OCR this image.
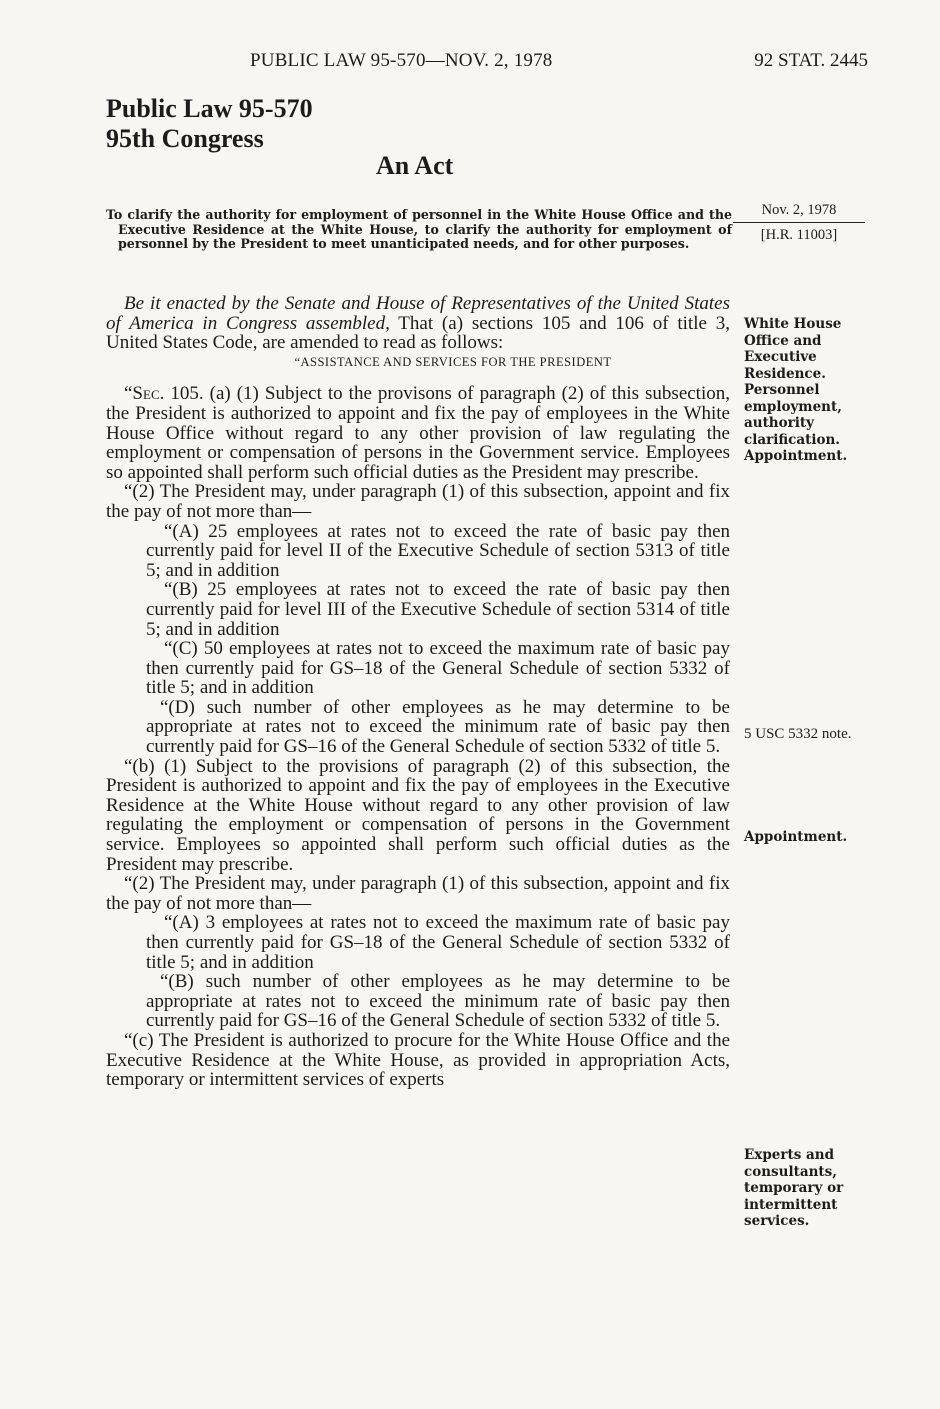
PUBLIC LAW 95-570—NOV. 2, 1978	92 STAT. 2445
Public Law 95-570
95th Congress
An Act
To clarify the authority for employment of personnel in the White House Office and the Executive Residence at the White House, to clarify the authority for employment of personnel by the President to meet unanticipated needs, and for other purposes.
Nov. 2, 1978
[H.R. 11003]

Be it enacted by the Senate and House of Representatives of the United States of America in Congress assembled, That (a) sections 105 and 106 of title 3, United States Code, are amended to read as follows:

“ASSISTANCE AND SERVICES FOR THE PRESIDENT

“Sec. 105. (a) (1) Subject to the provisons of paragraph (2) of this subsection, the President is authorized to appoint and fix the pay of employees in the White House Office without regard to any other provision of law regulating the employment or compensation of persons in the Government service. Employees so appointed shall perform such official duties as the President may prescribe.

“(2) The President may, under paragraph (1) of this subsection, appoint and fix the pay of not more than—

“(A) 25 employees at rates not to exceed the rate of basic pay then currently paid for level II of the Executive Schedule of section 5313 of title 5; and in addition

“(B) 25 employees at rates not to exceed the rate of basic pay then currently paid for level III of the Executive Schedule of section 5314 of title 5; and in addition

“(C) 50 employees at rates not to exceed the maximum rate of basic pay then currently paid for GS–18 of the General Schedule of section 5332 of title 5; and in addition

“(D) such number of other employees as he may determine to be appropriate at rates not to exceed the minimum rate of basic pay then currently paid for GS–16 of the General Schedule of section 5332 of title 5.

“(b) (1) Subject to the provisions of paragraph (2) of this subsection, the President is authorized to appoint and fix the pay of employees in the Executive Residence at the White House without regard to any other provision of law regulating the employment or compensation of persons in the Government service. Employees so appointed shall perform such official duties as the President may prescribe.

“(2) The President may, under paragraph (1) of this subsection, appoint and fix the pay of not more than—

“(A) 3 employees at rates not to exceed the maximum rate of basic pay then currently paid for GS–18 of the General Schedule of section 5332 of title 5; and in addition

“(B) such number of other employees as he may determine to be appropriate at rates not to exceed the minimum rate of basic pay then currently paid for GS–16 of the General Schedule of section 5332 of title 5.

“(c) The President is authorized to procure for the White House Office and the Executive Residence at the White House, as provided in appropriation Acts, temporary or intermittent services of experts

White House Office and Executive Residence. Personnel employment, authority clarification. Appointment.
5 USC 5332 note.
Appointment.
Experts and consultants, temporary or intermittent services.
